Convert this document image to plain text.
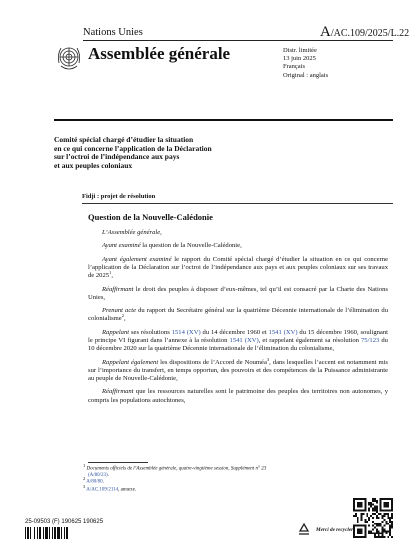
Nations Unies	A/AC.109/2025/L.22
Assemblée générale	Distr. limitée
13 juin 2025
Français
Original : anglais
Comité spécial chargé d’étudier la situation
en ce qui concerne l’application de la Déclaration
sur l’octroi de l’indépendance aux pays
et aux peuples coloniaux
Fidji : projet de résolution
Question de la Nouvelle-Calédonie

L’Assemblée générale,

Ayant examiné la question de la Nouvelle-Calédonie,

Ayant également examiné le rapport du Comité spécial chargé d’étudier la situation en ce qui concerne l’application de la Déclaration sur l’octroi de l’indépendance aux pays et aux peuples coloniaux sur ses travaux de 2025$^1$,

Réaffirmant le droit des peuples à disposer d’eux-mêmes, tel qu’il est consacré par la Charte des Nations Unies,

Prenant acte du rapport du Secrétaire général sur la quatrième Décennie internationale de l’élimination du colonialisme$^2$,

Rappelant ses résolutions 1514 (XV) du 14 décembre 1960 et 1541 (XV) du 15 décembre 1960, soulignant le principe VI figurant dans l’annexe à la résolution 1541 (XV), et rappelant également sa résolution 75/123 du 10 décembre 2020 sur la quatrième Décennie internationale de l’élimination du colonialisme,

Rappelant également les dispositions de l’Accord de Nouméa$^3$, dans lesquelles l’accent est notamment mis sur l’importance du transfert, en temps opportun, des pouvoirs et des compétences de la Puissance administrante au peuple de Nouvelle-Calédonie,

Réaffirmant que les ressources naturelles sont le patrimoine des peuples des territoires non autonomes, y compris les populations autochtones,

$^1$ Documents officiels de l’Assemblée générale, quatre-vingtième session, Supplément n° 23
(A/80/23).
$^2$ A/80/80.
$^3$ A/AC.109/2114, annexe.
25-09503 (F) 190625 190625
Merci de recycler
